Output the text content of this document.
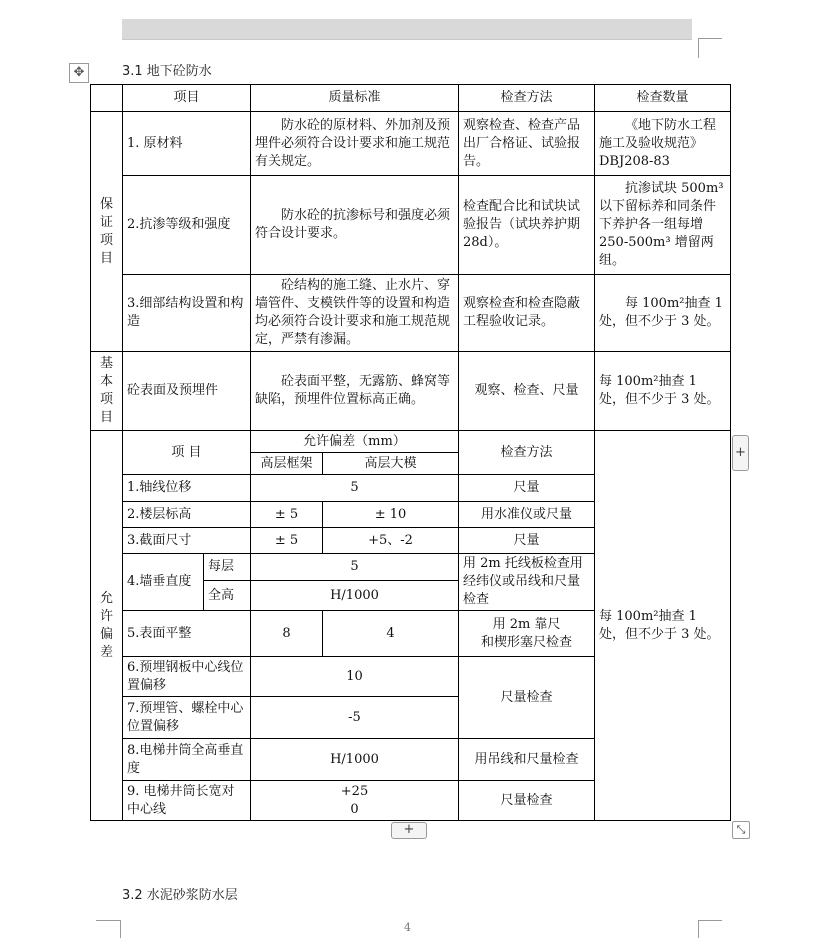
✥	3.1 地下砼防水
	项目		质量标准		检查方法	检查数量

保
证
项
目	1. 原材料		防水砼的原材料、外加剂及预埋件必须符合设计要求和施工规范有关规定。		观察检查、检查产品出厂合格证、试验报告。	《地下防水工程施工及验收规范》DBJ208-83
	2.抗渗等级和强度		防水砼的抗渗标号和强度必须符合设计要求。		检查配合比和试块试验报告（试块养护期 28d）。	抗渗试块 500m³以下留标养和同条件下养护各一组每增 250-500m³ 增留两组。
	3.细部结构设置和构造		砼结构的施工缝、止水片、穿墙管件、支模铁件等的设置和构造均必须符合设计要求和施工规范规定，严禁有渗漏。		观察检查和检查隐蔽工程验收记录。	每 100m²抽查 1处，但不少于 3 处。

基
本
项
目	砼表面及预埋件		砼表面平整，无露筋、蜂窝等缺陷，预埋件位置标高正确。		观察、检查、尺量	每 100m²抽查 1 处，但不少于 3 处。

允
许
偏
差	项 目		允许偏差（mm）		检查方法	每 100m²抽查 1 处，但不少于 3 处。
			高层框架	高层大模		
	1.轴线位移		5		尺量	
	2.楼层标高		± 5	± 10	用水准仪或尺量	
	3.截面尺寸		± 5	+5、-2	尺量	
	4.墙垂直度	每层	5		用 2m 托线板检查用经纬仪或吊线和尺量检查	
		全高	H/1000			
	5.表面平整		8	4	用 2m 靠尺
和楔形塞尺检查	

	6.预埋钢板中心线位置偏移		10		尺量检查	
	7.预埋管、螺栓中心位置偏移		-5			
	8.电梯井筒全高垂直度		H/1000		用吊线和尺量检查	
	9. 电梯井筒长宽对中心线		+25
0		尺量检查	
+
+	⤡
3.2 水泥砂浆防水层
4
